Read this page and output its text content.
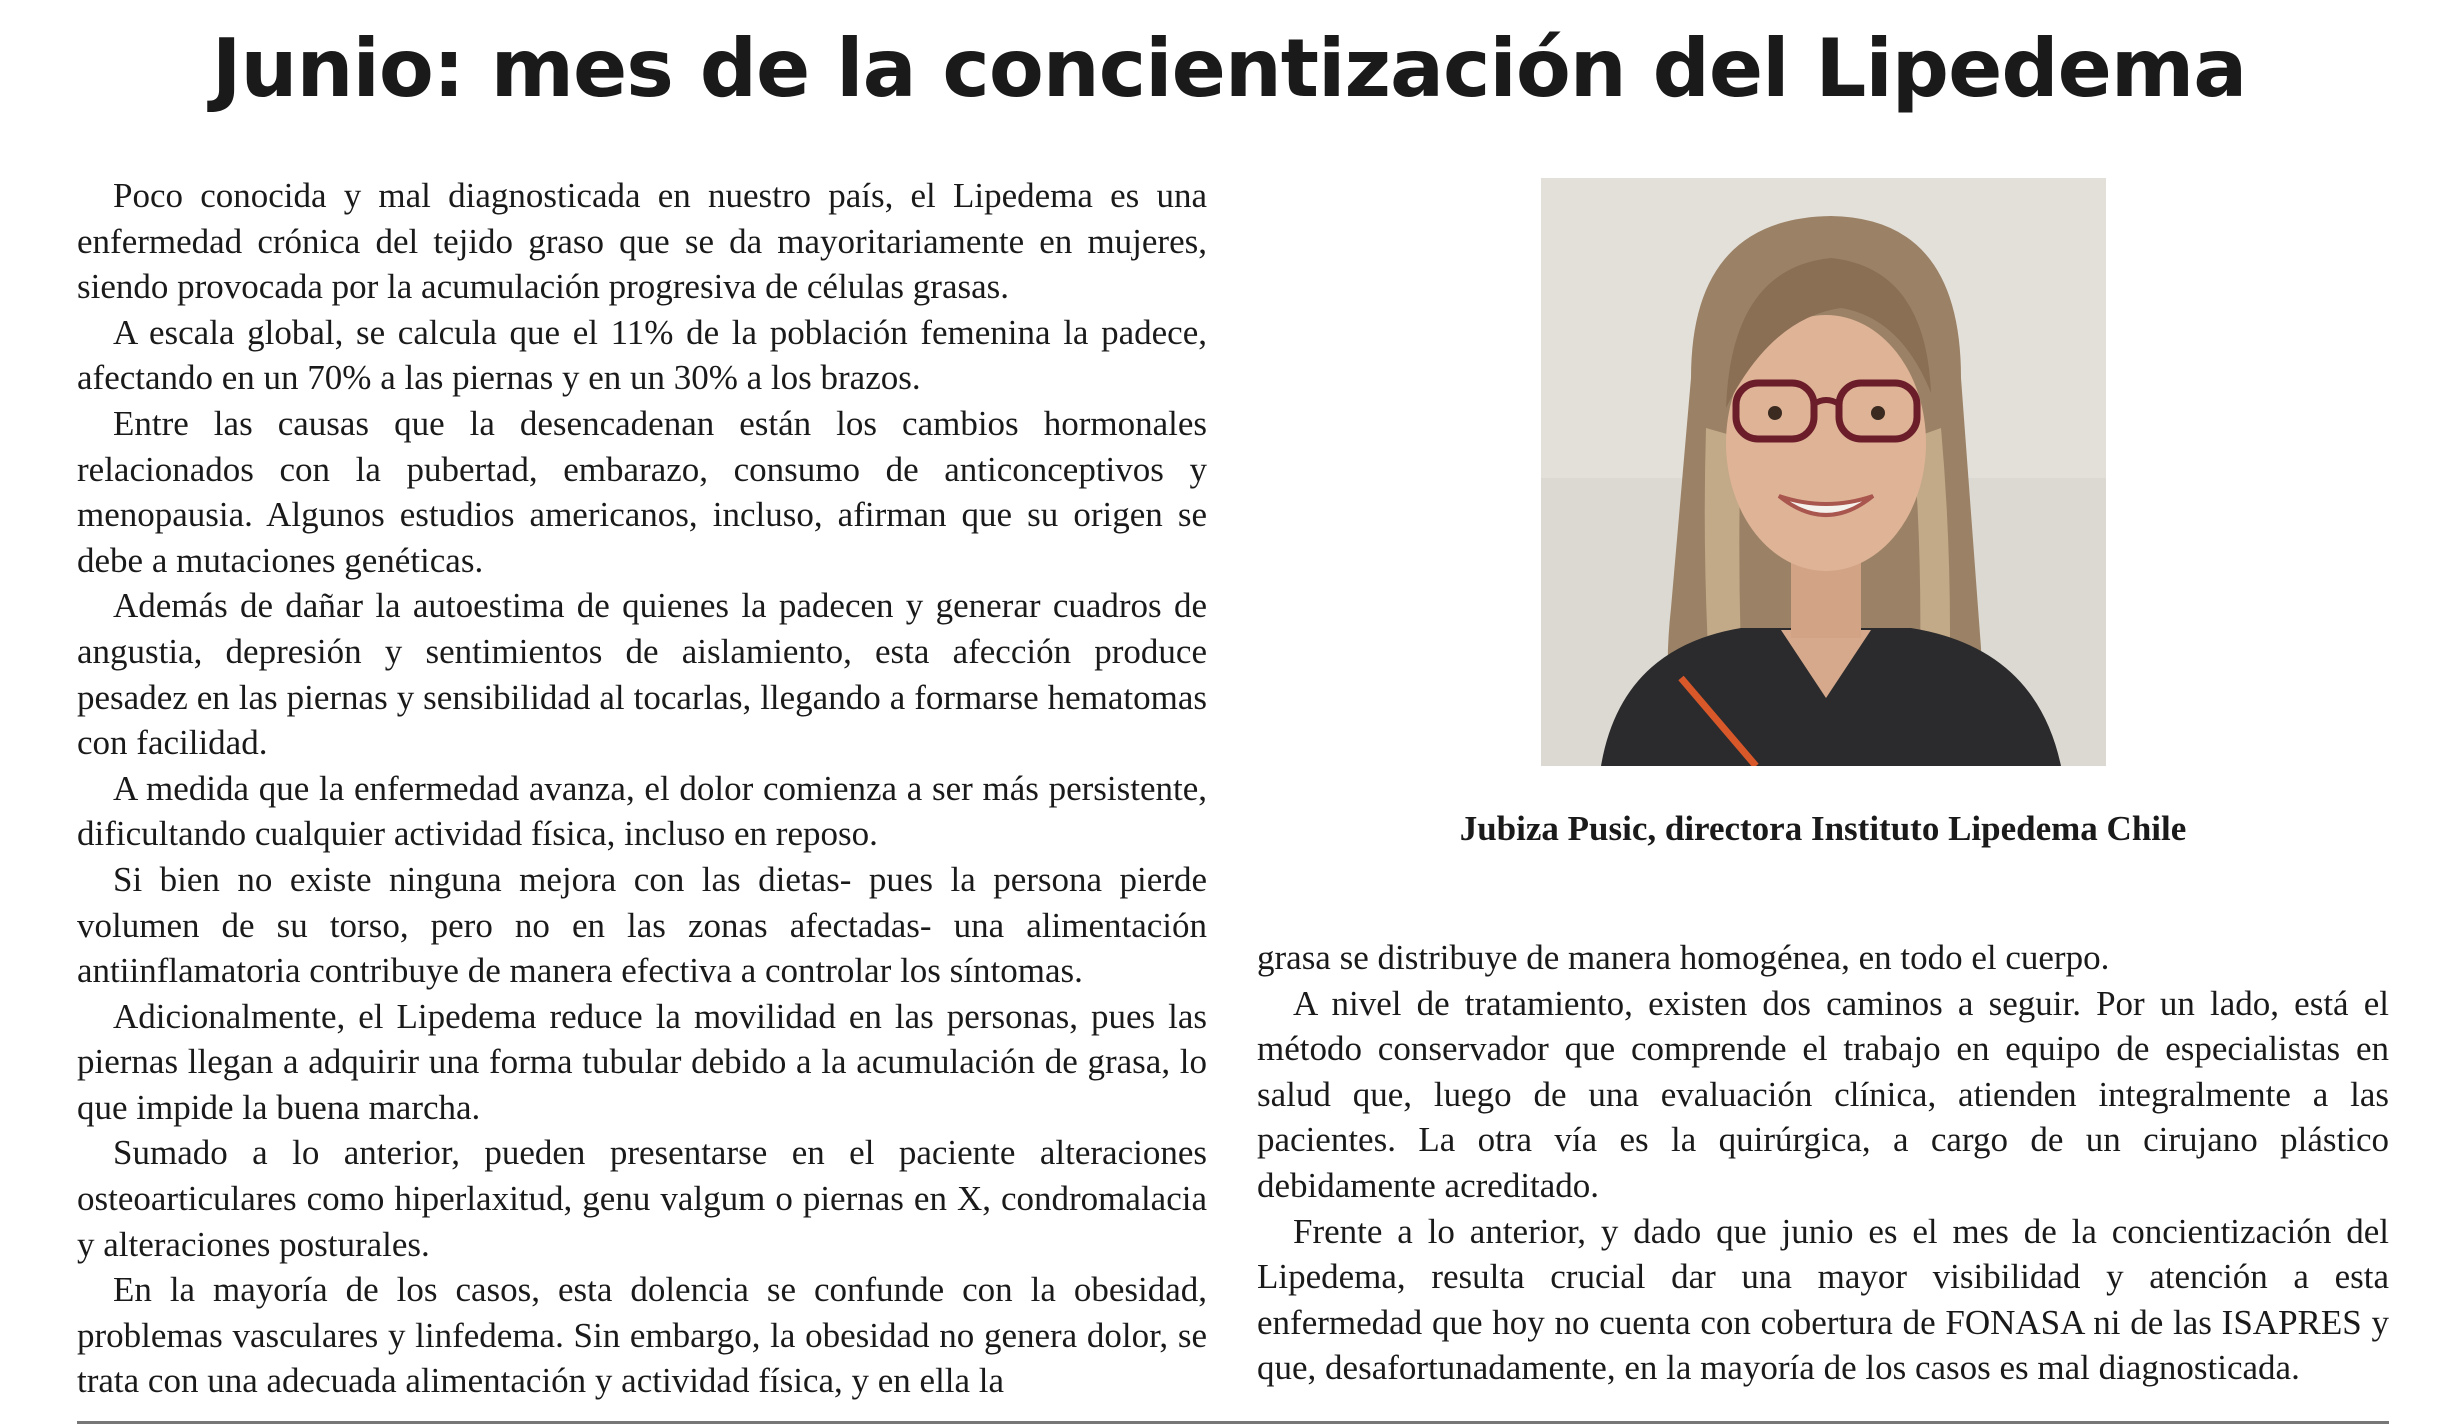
Junio: mes de la concientización del Lipedema

Poco conocida y mal diagnosticada en nuestro país, el Lipedema es una enfermedad crónica del tejido graso que se da mayoritariamente en mujeres, siendo provocada por la acumulación progresiva de células grasas.

A escala global, se calcula que el 11% de la población femenina la padece, afectando en un 70% a las piernas y en un 30% a los brazos.

Entre las causas que la desencadenan están los cambios hormonales relacionados con la pubertad, embarazo, consumo de anticonceptivos y menopausia. Algunos estudios americanos, incluso, afirman que su origen se debe a mutaciones genéticas.

Además de dañar la autoestima de quienes la padecen y generar cuadros de angustia, depresión y sentimientos de aislamiento, esta afección produce pesadez en las piernas y sensibilidad al tocarlas, llegando a formarse hematomas con facilidad.

A medida que la enfermedad avanza, el dolor comienza a ser más persistente, dificultando cualquier actividad física, incluso en reposo.

Si bien no existe ninguna mejora con las dietas- pues la persona pierde volumen de su torso, pero no en las zonas afectadas- una alimentación antiinflamatoria contribuye de manera efectiva a controlar los síntomas.

Adicionalmente, el Lipedema reduce la movilidad en las personas, pues las piernas llegan a adquirir una forma tubular debido a la acumulación de grasa, lo que impide la buena marcha.

Sumado a lo anterior, pueden presentarse en el paciente alteraciones osteoarticulares como hiperlaxitud, genu valgum o piernas en X, condromalacia y alteraciones posturales.

En la mayoría de los casos, esta dolencia se confunde con la obesidad, problemas vasculares y linfedema. Sin embargo, la obesidad no genera dolor, se trata con una adecuada alimentación y actividad física, y en ella la

Jubiza Pusic, directora Instituto Lipedema Chile

grasa se distribuye de manera homogénea, en todo el cuerpo.

A nivel de tratamiento, existen dos caminos a seguir. Por un lado, está el método conservador que comprende el trabajo en equipo de especialistas en salud que, luego de una evaluación clínica, atienden integralmente a las pacientes. La otra vía es la quirúrgica, a cargo de un cirujano plástico debidamente acreditado.

Frente a lo anterior, y dado que junio es el mes de la concientización del Lipedema, resulta crucial dar una mayor visibilidad y atención a esta enfermedad que hoy no cuenta con cobertura de FONASA ni de las ISAPRES y que, desafortunadamente, en la mayoría de los casos es mal diagnosticada.
